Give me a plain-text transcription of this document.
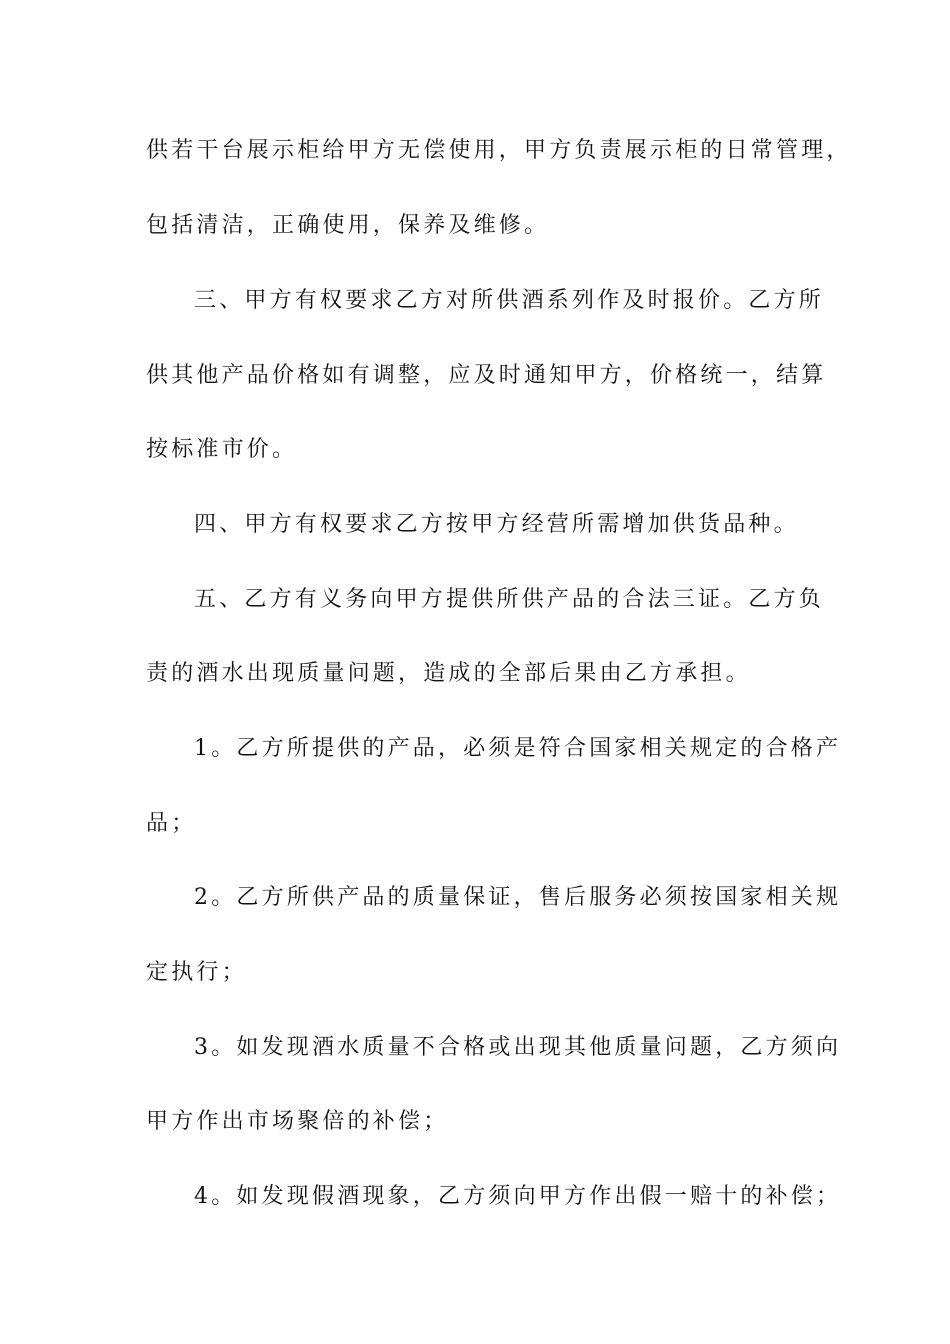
供若干台展示柜给甲方无偿使用，甲方负责展示柜的日常管理，
包括清洁，正确使用，保养及维修。
三、甲方有权要求乙方对所供酒系列作及时报价。乙方所
供其他产品价格如有调整，应及时通知甲方，价格统一，结算
按标准市价。
四、甲方有权要求乙方按甲方经营所需增加供货品种。
五、乙方有义务向甲方提供所供产品的合法三证。乙方负
责的酒水出现质量问题，造成的全部后果由乙方承担。
1。乙方所提供的产品，必须是符合国家相关规定的合格产
品；
2。乙方所供产品的质量保证，售后服务必须按国家相关规
定执行；
3。如发现酒水质量不合格或出现其他质量问题，乙方须向
甲方作出市场聚倍的补偿；
4。如发现假酒现象，乙方须向甲方作出假一赔十的补偿；
